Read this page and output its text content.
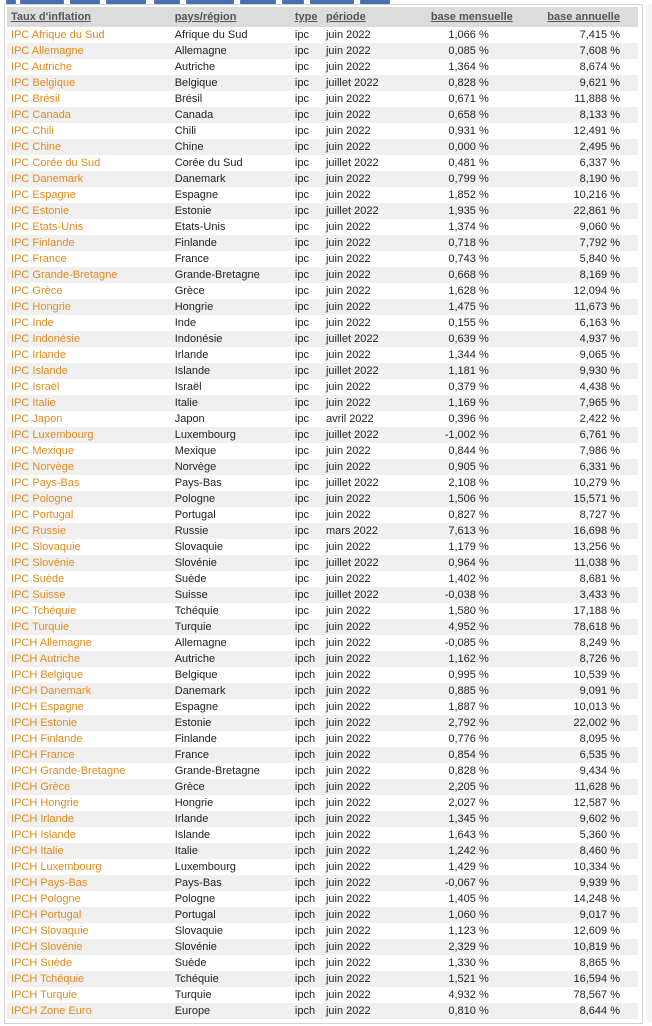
Taux d'inflation	pays/région	type	période	base mensuelle	base annuelle
IPC Afrique du Sud	Afrique du Sud	ipc	juin 2022	1,066 %	7,415 %
IPC Allemagne	Allemagne	ipc	juin 2022	0,085 %	7,608 %
IPC Autriche	Autriche	ipc	juin 2022	1,364 %	8,674 %
IPC Belgique	Belgique	ipc	juillet 2022	0,828 %	9,621 %
IPC Brésil	Brésil	ipc	juin 2022	0,671 %	11,888 %
IPC Canada	Canada	ipc	juin 2022	0,658 %	8,133 %
IPC Chili	Chili	ipc	juin 2022	0,931 %	12,491 %
IPC Chine	Chine	ipc	juin 2022	0,000 %	2,495 %
IPC Corée du Sud	Corée du Sud	ipc	juillet 2022	0,481 %	6,337 %
IPC Danemark	Danemark	ipc	juin 2022	0,799 %	8,190 %
IPC Espagne	Espagne	ipc	juin 2022	1,852 %	10,216 %
IPC Estonie	Estonie	ipc	juillet 2022	1,935 %	22,861 %
IPC Etats-Unis	Etats-Unis	ipc	juin 2022	1,374 %	9,060 %
IPC Finlande	Finlande	ipc	juin 2022	0,718 %	7,792 %
IPC France	France	ipc	juin 2022	0,743 %	5,840 %
IPC Grande-Bretagne	Grande-Bretagne	ipc	juin 2022	0,668 %	8,169 %
IPC Grèce	Grèce	ipc	juin 2022	1,628 %	12,094 %
IPC Hongrie	Hongrie	ipc	juin 2022	1,475 %	11,673 %
IPC Inde	Inde	ipc	juin 2022	0,155 %	6,163 %
IPC Indonésie	Indonésie	ipc	juillet 2022	0,639 %	4,937 %
IPC Irlande	Irlande	ipc	juin 2022	1,344 %	9,065 %
IPC Islande	Islande	ipc	juillet 2022	1,181 %	9,930 %
IPC Israël	Israël	ipc	juin 2022	0,379 %	4,438 %
IPC Italie	Italie	ipc	juin 2022	1,169 %	7,965 %
IPC Japon	Japon	ipc	avril 2022	0,396 %	2,422 %
IPC Luxembourg	Luxembourg	ipc	juillet 2022	-1,002 %	6,761 %
IPC Mexique	Mexique	ipc	juin 2022	0,844 %	7,986 %
IPC Norvège	Norvège	ipc	juin 2022	0,905 %	6,331 %
IPC Pays-Bas	Pays-Bas	ipc	juillet 2022	2,108 %	10,279 %
IPC Pologne	Pologne	ipc	juin 2022	1,506 %	15,571 %
IPC Portugal	Portugal	ipc	juin 2022	0,827 %	8,727 %
IPC Russie	Russie	ipc	mars 2022	7,613 %	16,698 %
IPC Slovaquie	Slovaquie	ipc	juin 2022	1,179 %	13,256 %
IPC Slovénie	Slovénie	ipc	juillet 2022	0,964 %	11,038 %
IPC Suède	Suède	ipc	juin 2022	1,402 %	8,681 %
IPC Suisse	Suisse	ipc	juillet 2022	-0,038 %	3,433 %
IPC Tchéquie	Tchéquie	ipc	juin 2022	1,580 %	17,188 %
IPC Turquie	Turquie	ipc	juin 2022	4,952 %	78,618 %
IPCH Allemagne	Allemagne	ipch	juin 2022	-0,085 %	8,249 %
IPCH Autriche	Autriche	ipch	juin 2022	1,162 %	8,726 %
IPCH Belgique	Belgique	ipch	juin 2022	0,995 %	10,539 %
IPCH Danemark	Danemark	ipch	juin 2022	0,885 %	9,091 %
IPCH Espagne	Espagne	ipch	juin 2022	1,887 %	10,013 %
IPCH Estonie	Estonie	ipch	juin 2022	2,792 %	22,002 %
IPCH Finlande	Finlande	ipch	juin 2022	0,776 %	8,095 %
IPCH France	France	ipch	juin 2022	0,854 %	6,535 %
IPCH Grande-Bretagne	Grande-Bretagne	ipch	juin 2022	0,828 %	9,434 %
IPCH Grèce	Grèce	ipch	juin 2022	2,205 %	11,628 %
IPCH Hongrie	Hongrie	ipch	juin 2022	2,027 %	12,587 %
IPCH Irlande	Irlande	ipch	juin 2022	1,345 %	9,602 %
IPCH Islande	Islande	ipch	juin 2022	1,643 %	5,360 %
IPCH Italie	Italie	ipch	juin 2022	1,242 %	8,460 %
IPCH Luxembourg	Luxembourg	ipch	juin 2022	1,429 %	10,334 %
IPCH Pays-Bas	Pays-Bas	ipch	juin 2022	-0,067 %	9,939 %
IPCH Pologne	Pologne	ipch	juin 2022	1,405 %	14,248 %
IPCH Portugal	Portugal	ipch	juin 2022	1,060 %	9,017 %
IPCH Slovaquie	Slovaquie	ipch	juin 2022	1,123 %	12,609 %
IPCH Slovénie	Slovénie	ipch	juin 2022	2,329 %	10,819 %
IPCH Suède	Suède	ipch	juin 2022	1,330 %	8,865 %
IPCH Tchéquie	Tchéquie	ipch	juin 2022	1,521 %	16,594 %
IPCH Turquie	Turquie	ipch	juin 2022	4,932 %	78,567 %
IPCH Zone Euro	Europe	ipch	juin 2022	0,810 %	8,644 %
